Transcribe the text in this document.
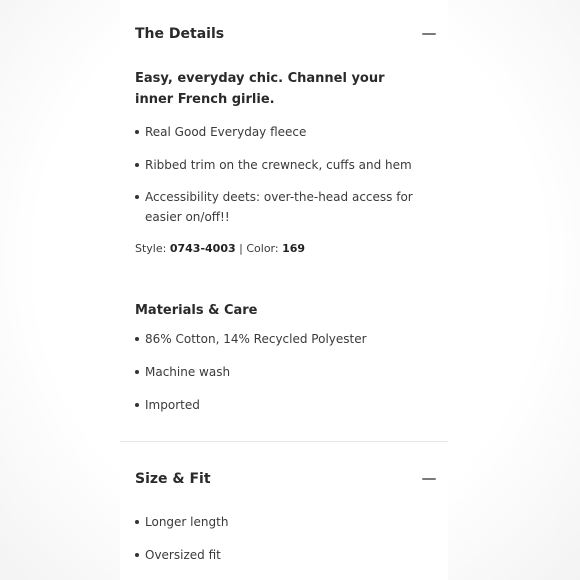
The Details
Easy, everyday chic. Channel your inner French girlie.
Real Good Everyday fleece
Ribbed trim on the crewneck, cuffs and hem
Accessibility deets: over-the-head access for easier on/off!!
Style: 0743-4003 | Color: 169
Materials & Care
86% Cotton, 14% Recycled Polyester
Machine wash
Imported
Size & Fit
Longer length
Oversized fit
